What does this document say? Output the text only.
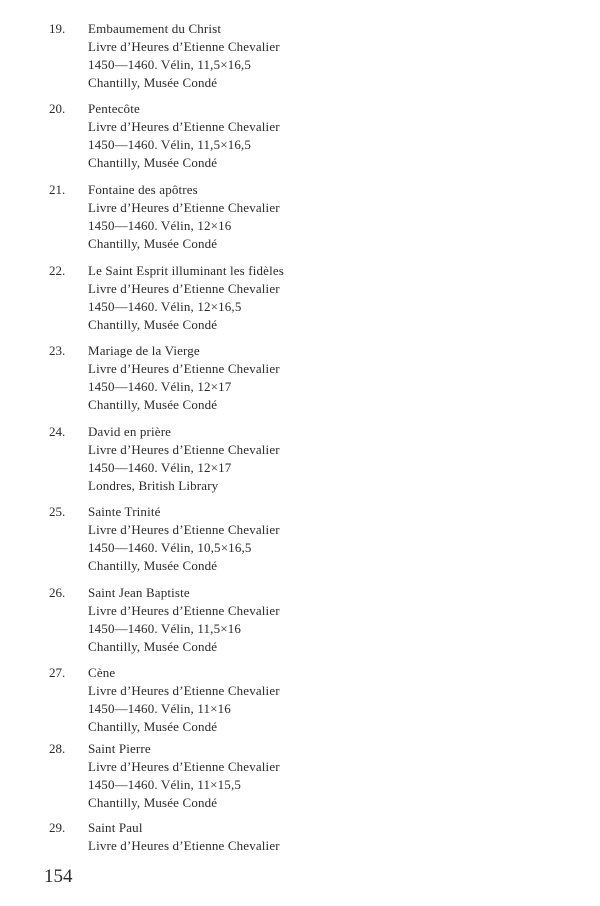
19. Embaumement du Christ
Livre d’Heures d’Etienne Chevalier
1450—1460. Vélin, 11,5×16,5
Chantilly, Musée Condé
20. Pentecôte
Livre d’Heures d’Etienne Chevalier
1450—1460. Vélin, 11,5×16,5
Chantilly, Musée Condé
21. Fontaine des apôtres
Livre d’Heures d’Etienne Chevalier
1450—1460. Vélin, 12×16
Chantilly, Musée Condé
22. Le Saint Esprit illuminant les fidèles
Livre d’Heures d’Etienne Chevalier
1450—1460. Vélin, 12×16,5
Chantilly, Musée Condé
23. Mariage de la Vierge
Livre d’Heures d’Etienne Chevalier
1450—1460. Vélin, 12×17
Chantilly, Musée Condé
24. David en prière
Livre d’Heures d’Etienne Chevalier
1450—1460. Vélin, 12×17
Londres, British Library
25. Sainte Trinité
Livre d’Heures d’Etienne Chevalier
1450—1460. Vélin, 10,5×16,5
Chantilly, Musée Condé
26. Saint Jean Baptiste
Livre d’Heures d’Etienne Chevalier
1450—1460. Vélin, 11,5×16
Chantilly, Musée Condé
27. Cène
Livre d’Heures d’Etienne Chevalier
1450—1460. Vélin, 11×16
Chantilly, Musée Condé
28. Saint Pierre
Livre d’Heures d’Etienne Chevalier
1450—1460. Vélin, 11×15,5
Chantilly, Musée Condé
29. Saint Paul
Livre d’Heures d’Etienne Chevalier
154
